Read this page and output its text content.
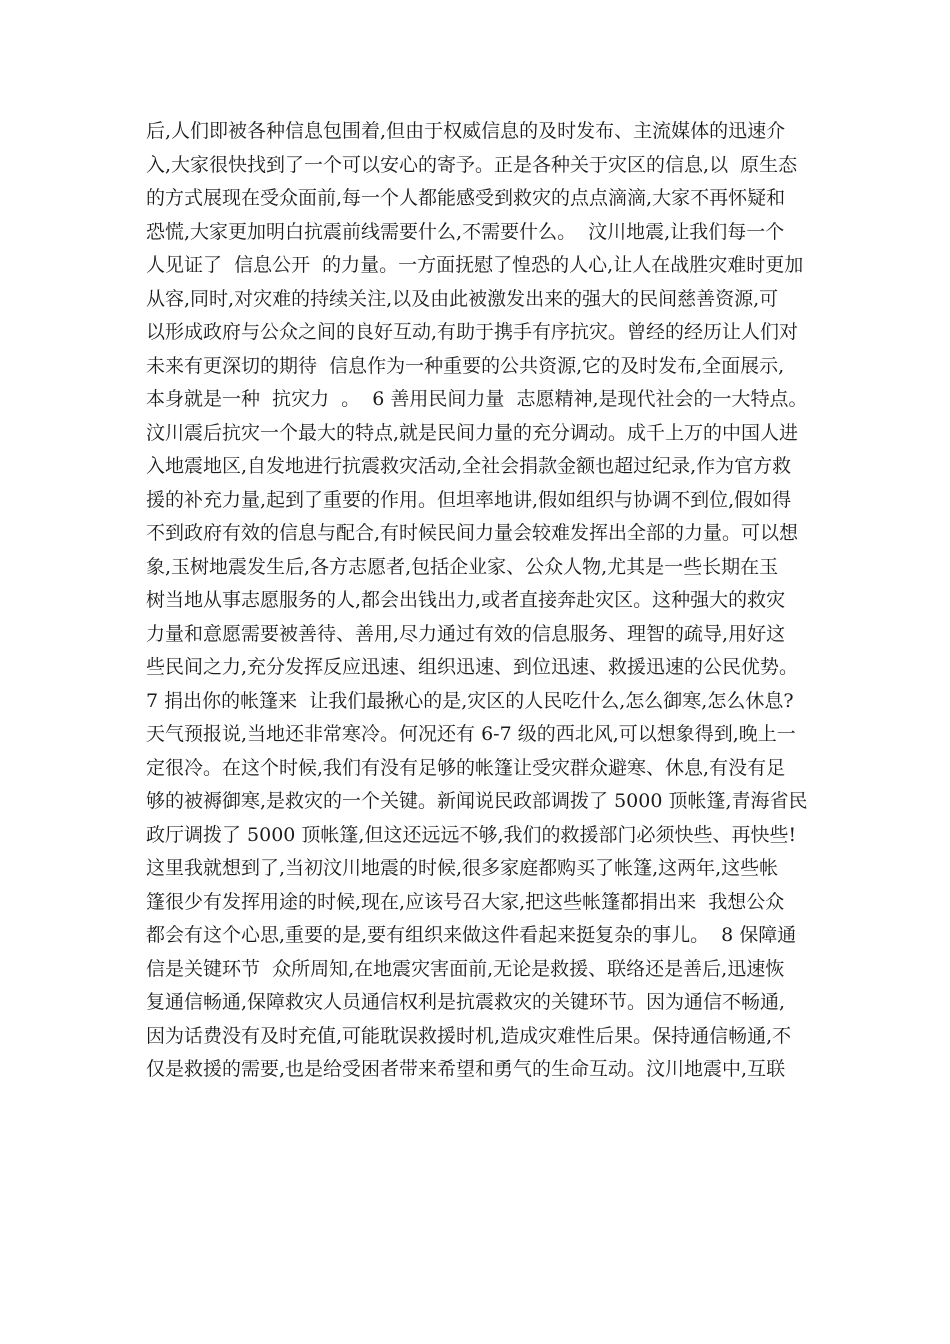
后,人们即被各种信息包围着,但由于权威信息的及时发布、主流媒体的迅速介
入,大家很快找到了一个可以安心的寄予。正是各种关于灾区的信息,以  原生态
的方式展现在受众面前,每一个人都能感受到救灾的点点滴滴,大家不再怀疑和
恐慌,大家更加明白抗震前线需要什么,不需要什么。  汶川地震,让我们每一个
人见证了  信息公开  的力量。一方面抚慰了惶恐的人心,让人在战胜灾难时更加
从容,同时,对灾难的持续关注,以及由此被激发出来的强大的民间慈善资源,可
以形成政府与公众之间的良好互动,有助于携手有序抗灾。曾经的经历让人们对
未来有更深切的期待  信息作为一种重要的公共资源,它的及时发布,全面展示,
本身就是一种  抗灾力  。  6 善用民间力量  志愿精神,是现代社会的一大特点。
汶川震后抗灾一个最大的特点,就是民间力量的充分调动。成千上万的中国人进
入地震地区,自发地进行抗震救灾活动,全社会捐款金额也超过纪录,作为官方救
援的补充力量,起到了重要的作用。但坦率地讲,假如组织与协调不到位,假如得
不到政府有效的信息与配合,有时候民间力量会较难发挥出全部的力量。可以想
象,玉树地震发生后,各方志愿者,包括企业家、公众人物,尤其是一些长期在玉
树当地从事志愿服务的人,都会出钱出力,或者直接奔赴灾区。这种强大的救灾
力量和意愿需要被善待、善用,尽力通过有效的信息服务、理智的疏导,用好这
些民间之力,充分发挥反应迅速、组织迅速、到位迅速、救援迅速的公民优势。
7 捐出你的帐篷来  让我们最揪心的是,灾区的人民吃什么,怎么御寒,怎么休息?
天气预报说,当地还非常寒冷。何况还有 6-7 级的西北风,可以想象得到,晚上一
定很冷。在这个时候,我们有没有足够的帐篷让受灾群众避寒、休息,有没有足
够的被褥御寒,是救灾的一个关键。新闻说民政部调拨了 5000 顶帐篷,青海省民
政厅调拨了 5000 顶帐篷,但这还远远不够,我们的救援部门必须快些、再快些!
这里我就想到了,当初汶川地震的时候,很多家庭都购买了帐篷,这两年,这些帐
篷很少有发挥用途的时候,现在,应该号召大家,把这些帐篷都捐出来  我想公众
都会有这个心思,重要的是,要有组织来做这件看起来挺复杂的事儿。  8 保障通
信是关键环节  众所周知,在地震灾害面前,无论是救援、联络还是善后,迅速恢
复通信畅通,保障救灾人员通信权利是抗震救灾的关键环节。因为通信不畅通,
因为话费没有及时充值,可能耽误救援时机,造成灾难性后果。保持通信畅通,不
仅是救援的需要,也是给受困者带来希望和勇气的生命互动。汶川地震中,互联
